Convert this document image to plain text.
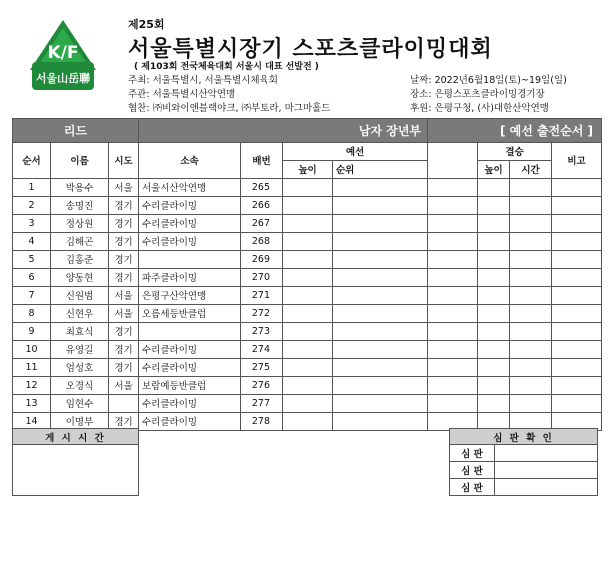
K/F
서울山岳聯
제25회
서울특별시장기 스포츠클라이밍대회
( 제103회 전국체육대회 서울시 대표 선발전 )
주최: 서울특별시, 서울특별시체육회
주관: 서울특별시산악연맹
협찬: ㈜비와이앤블랙야크, ㈜부토라, 마그마홀드
날짜: 2022년6월18일(토)~19일(일)
장소: 은평스포츠클라이밍경기장
후원: 은평구청, (사)대한산악연맹
리드			남자 장년부				[ 예선 출전순서 ]			
순서	이름	시도	소속	배번	예선			결승		비고
					높이	순위		높이	시간	
1	박용수	서울	서울시산악연맹	265						
2	송명진	경기	수리클라이밍	266						
3	정상원	경기	수리클라이밍	267						
4	김해곤	경기	수리클라이밍	268						
5	김홍준	경기		269						
6	양동현	경기	파주클라이밍	270						
7	신원범	서울	은평구산악연맹	271						
8	신현우	서울	오름세등반클럽	272						
9	최효식	경기		273						
10	유영길	경기	수리클라이밍	274						
11	엄성호	경기	수리클라이밍	275						
12	오경식	서울	보람예등반클럽	276						
13	임현수		수리클라이밍	277						
14	이명부	경기	수리클라이밍	278						
게 시 시 간	심 판 확 인	
심 판	
심 판	
심 판	
